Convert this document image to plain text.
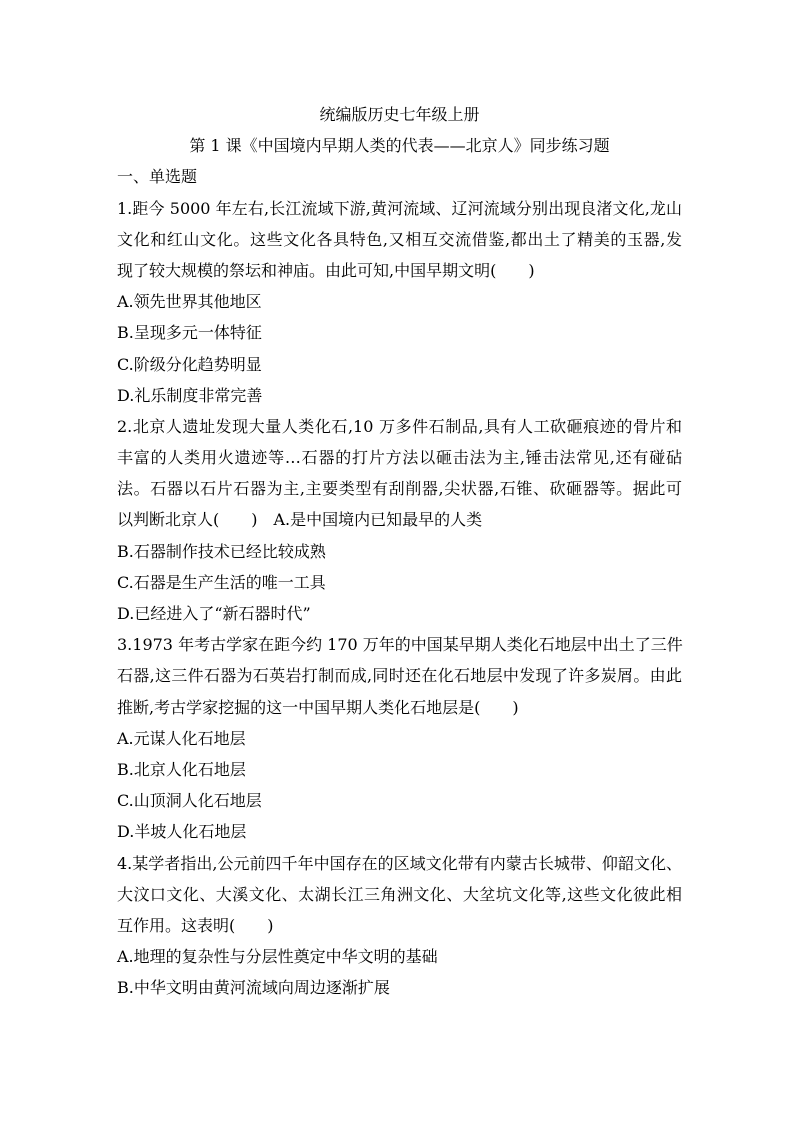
统编版历史七年级上册
第 1 课《中国境内早期人类的代表——北京人》同步练习题
一、单选题
1.距今 5000 年左右,长江流域下游,黄河流域、辽河流域分别出现良渚文化,龙山
文化和红山文化。这些文化各具特色,又相互交流借鉴,都出土了精美的玉器,发
现了较大规模的祭坛和神庙。由此可知,中国早期文明(　　)
A.领先世界其他地区
B.呈现多元一体特征
C.阶级分化趋势明显
D.礼乐制度非常完善
2.北京人遗址发现大量人类化石,10 万多件石制品,具有人工砍砸痕迹的骨片和
丰富的人类用火遗迹等…石器的打片方法以砸击法为主,锤击法常见,还有碰砧
法。石器以石片石器为主,主要类型有刮削器,尖状器,石锥、砍砸器等。据此可
以判断北京人(　　)　A.是中国境内已知最早的人类
B.石器制作技术已经比较成熟
C.石器是生产生活的唯一工具
D.已经进入了“新石器时代”
3.1973 年考古学家在距今约 170 万年的中国某早期人类化石地层中出土了三件
石器,这三件石器为石英岩打制而成,同时还在化石地层中发现了许多炭屑。由此
推断,考古学家挖掘的这一中国早期人类化石地层是(　　)
A.元谋人化石地层
B.北京人化石地层
C.山顶洞人化石地层
D.半坡人化石地层
4.某学者指出,公元前四千年中国存在的区域文化带有内蒙古长城带、仰韶文化、
大汶口文化、大溪文化、太湖长江三角洲文化、大坌坑文化等,这些文化彼此相
互作用。这表明(　　)
A.地理的复杂性与分层性奠定中华文明的基础
B.中华文明由黄河流域向周边逐渐扩展
